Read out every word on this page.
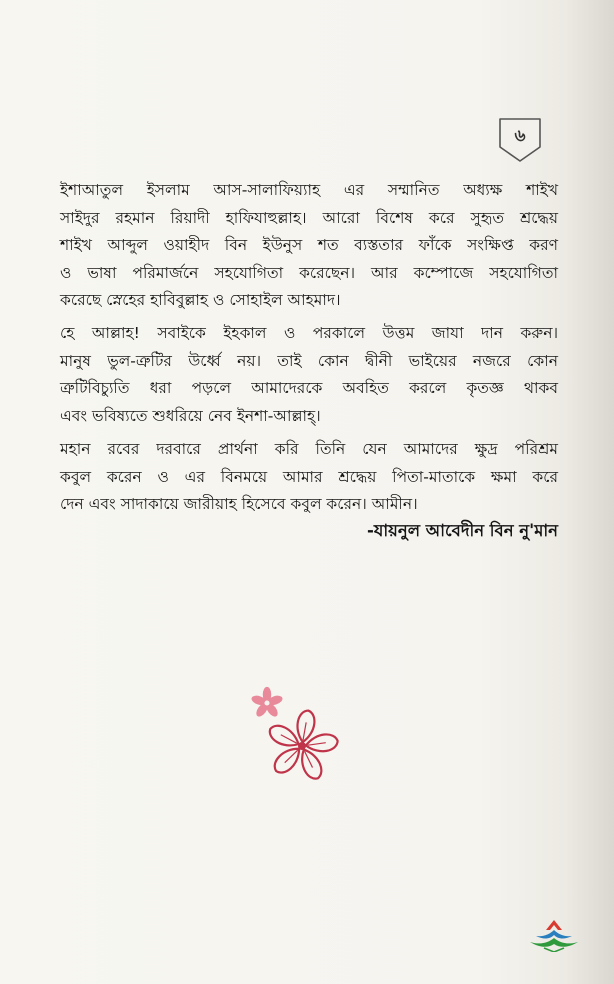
৬
ইশাআতুল ইসলাম আস-সালাফিয়্যাহ এর সম্মানিত অধ্যক্ষ শাইখ
সাইদুর রহমান রিয়াদী হাফিযাহুল্লাহ। আরো বিশেষ করে সুহৃত শ্রদ্ধেয়
শাইখ আব্দুল ওয়াহীদ বিন ইউনুস শত ব্যস্ততার ফাঁকে সংক্ষিপ্ত করণ
ও ভাষা পরিমার্জনে সহযোগিতা করেছেন। আর কম্পোজে সহযোগিতা
করেছে স্নেহের হাবিবুল্লাহ ও সোহাইল আহমাদ।
হে আল্লাহ! সবাইকে ইহকাল ও পরকালে উত্তম জাযা দান করুন।
মানুষ ভুল-ত্রুটির উর্ধ্বে নয়। তাই কোন দ্বীনী ভাইয়ের নজরে কোন
ত্রুটিবিচ্যুতি ধরা পড়লে আমাদেরকে অবহিত করলে কৃতজ্ঞ থাকব
এবং ভবিষ্যতে শুধরিয়ে নেব ইনশা-আল্লাহ্।
মহান রবের দরবারে প্রার্থনা করি তিনি যেন আমাদের ক্ষুদ্র পরিশ্রম
কবুল করেন ও এর বিনময়ে আমার শ্রদ্ধেয় পিতা-মাতাকে ক্ষমা করে
দেন এবং সাদাকায়ে জারীয়াহ হিসেবে কবুল করেন। আমীন।
-যায়নুল আবেদীন বিন নু'মান
